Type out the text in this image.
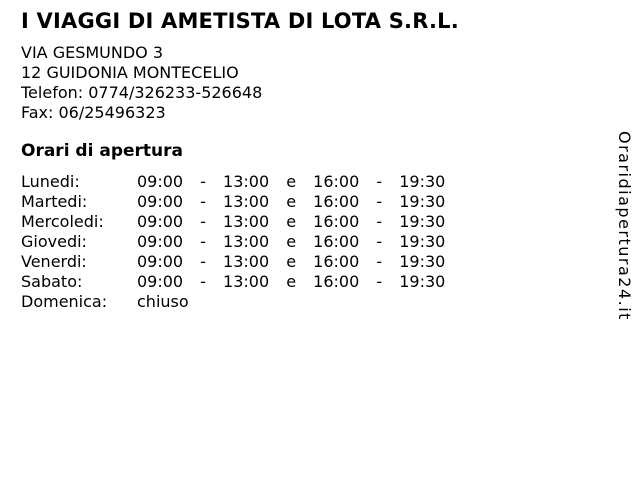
I VIAGGI DI AMETISTA DI LOTA S.R.L.
VIA GESMUNDO 3
12 GUIDONIA MONTECELIO
Telefon: 0774/326233-526648
Fax: 06/25496323
Orari di apertura
Lunedi:	09:00 - 13:00 e 16:00 - 19:30
Martedi:	09:00 - 13:00 e 16:00 - 19:30
Mercoledi: 09:00 - 13:00 e 16:00 - 19:30
Giovedi:	09:00 - 13:00 e 16:00 - 19:30
Venerdi:	09:00 - 13:00 e 16:00 - 19:30
Sabato:	09:00 - 13:00 e 16:00 - 19:30
Domenica: chiuso	Oraridiapertura24.it
